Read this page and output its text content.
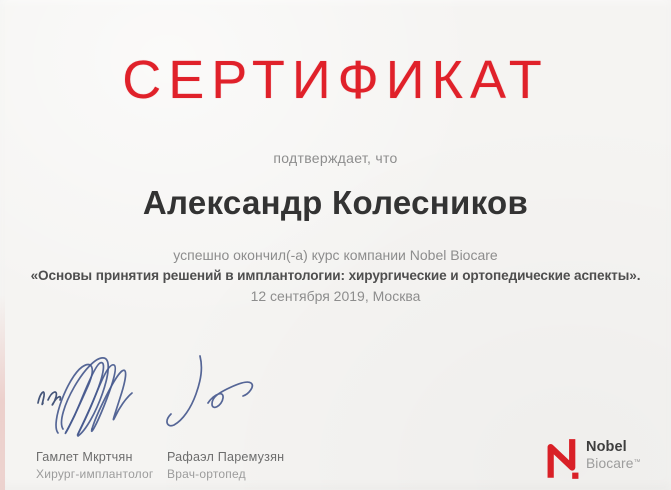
СЕРТИФИКАТ
подтверждает, что
Александр Колесников
успешно окончил(-а) курс компании Nobel Biocare
«Основы принятия решений в имплантологии: хирургические и ортопедические аспекты».
12 сентября 2019, Москва
Гамлет Мкртчян
Хирург-имплантолог
Рафаэл Паремузян
Врач-ортопед
Nobel
Biocare™
